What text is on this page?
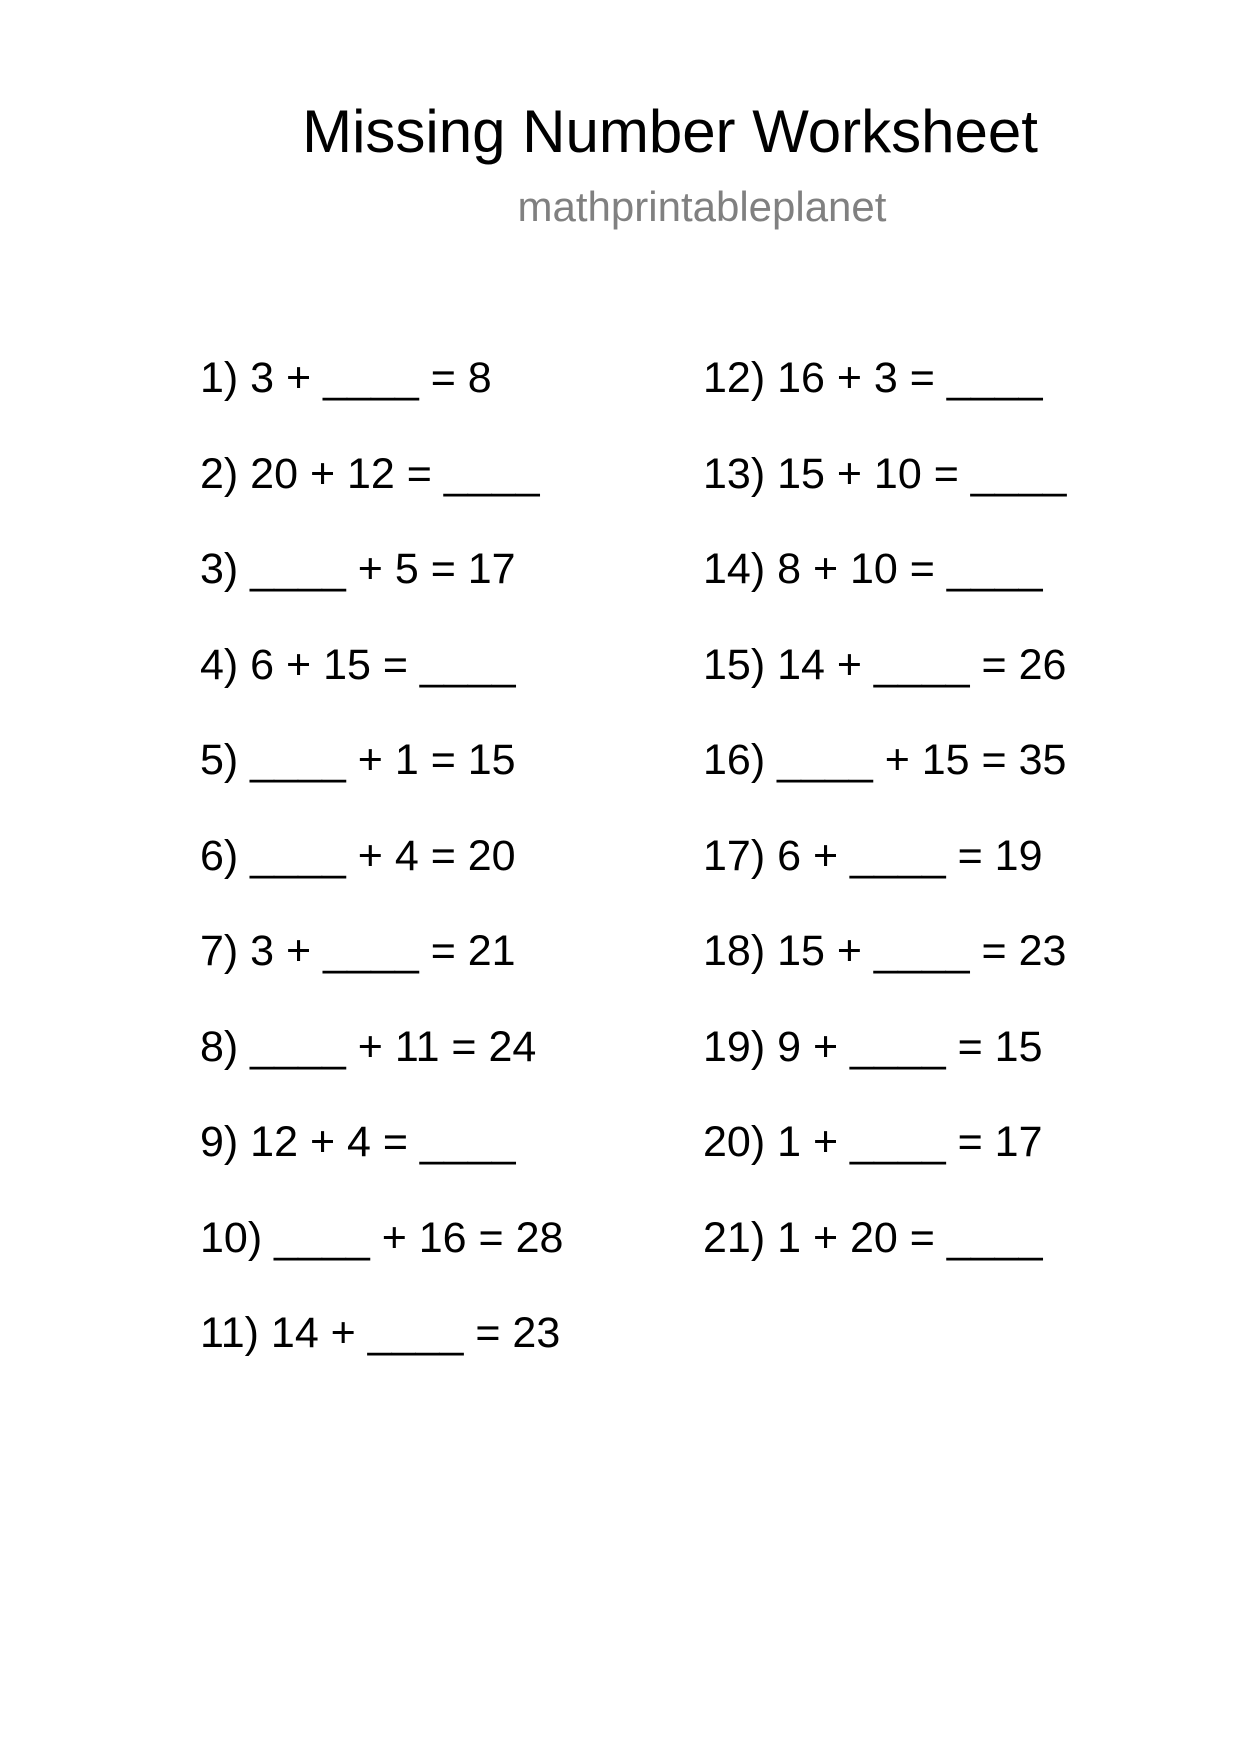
Missing Number Worksheet
mathprintableplanet
1) 3 + ____ = 8
2) 20 + 12 = ____
3) ____ + 5 = 17
4) 6 + 15 = ____
5) ____ + 1 = 15
6) ____ + 4 = 20
7) 3 + ____ = 21
8) ____ + 11 = 24
9) 12 + 4 = ____
10) ____ + 16 = 28
11) 14 + ____ = 23
12) 16 + 3 = ____
13) 15 + 10 = ____
14) 8 + 10 = ____
15) 14 + ____ = 26
16) ____ + 15 = 35
17) 6 + ____ = 19
18) 15 + ____ = 23
19) 9 + ____ = 15
20) 1 + ____ = 17
21) 1 + 20 = ____
